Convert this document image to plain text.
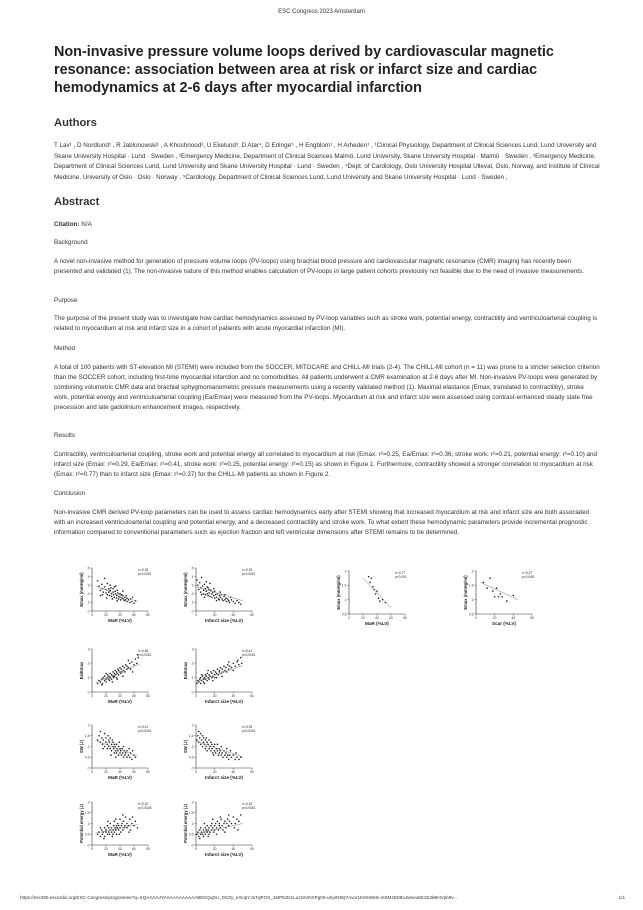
ESC Congress 2023 Amsterdam
Non-invasive pressure volume loops derived by cardiovascular magnetic resonance: association between area at risk or infarct size and cardiac hemodynamics at 2-6 days after myocardial infarction
Authors
T Lav¹ , D Nordlund¹ , R Jablonowski¹ , A Khoshnood², U Ekelund³, D Atar⁴, D Erlinge⁵ , H Engblom¹ , H Arheden¹ , ¹Clinical Physiology, Department of Clinical Sciences Lund, Lund University and Skane University Hospital · Lund · Sweden , ²Emergency Medicine, Department of Clinical Sciences Malmö, Lund University, Skane University Hospital · Malmö · Sweden , ³Emergency Medicine, Department of Clinical Sciences Lund, Lund University and Skane University Hospital · Lund · Sweden , ⁴Dept. of Cardiology, Oslo University Hospital Ulleval, Oslo, Norway, and Institute of Clinical Medicine, University of Oslo · Oslo · Norway , ⁵Cardiology, Department of Clinical Sciences Lund, Lund University and Skane University Hospital · Lund · Sweden ,
Abstract
Citation: N/A
Background
A novel non-invasive method for generation of pressure volume loops (PV-loops) using brachial blood pressure and cardiovascular magnetic resonance (CMR) imaging has recently been presented and validated (1). The non-invasive nature of this method enables calculation of PV-loops in large patient cohorts previously not feasible due to the need of invasive measurements.
Purpose
The purpose of the present study was to investigate how cardiac hemodynamics assessed by PV-loop variables such as stroke work, potential energy, contractility and ventriculoarterial coupling is related to myocardium at risk and infarct size in a cohort of patients with acute myocardial infarction (MI).
Method
A total of 100 patients with ST-elevation MI (STEMI) were included from the SOCCER, MITOCARE and CHILL-MI trials (2-4). The CHILL-MI cohort (n = 11) was prone to a stricter selection criterion than the SOCCER cohort, including first-time myocardial infarction and no comorbidities. All patients underwent a CMR examination at 2-6 days after MI. Non-invasive PV-loops were generated by combining volumetric CMR data and brachial sphygmomanometric pressure measurements using a recently validated method (1). Maximal elastance (Emax, translated to contractility), stroke work, potential energy and ventriculoarterial coupling (Ea/Emax) were measured from the PV-loops. Myocardium at risk and infarct size were assessed using contrast-enhanced steady state free precession and late gadolinium enhancement images, respectively.
Results
Contractility, ventriculoarterial coupling, stroke work and potential energy all correlated to myocardium at risk (Emax: r²=0.25, Ea/Emax: r²=0.36, stroke work: r²=0.21, potential energy: r²=0.10) and infarct size (Emax: r²=0.29, Ea/Emax: r²=0.41, stroke work: r²=0.25, potential energy: r²=0.15) as shown in Figure 1. Furthermore, contractility showed a stronger correlation to myocardium at risk (Emax: r²=0.77) than to infarct size (Emax: r²=0.37) for the CHILL-MI patients as shown in Figure 2.
Conclusion
Non-invasive CMR derived PV-loop parameters can be used to assess cardiac hemodynamics early after STEMI showing that increased myocardium at risk and infarct size are both associated with an increased ventriculoarterial coupling and potential energy, and a decreased contractility and stroke work. To what extent these hemodynamic parameters provide incremental prognostic information compared to conventional parameters such as ejection fraction and left ventricular dimensions after STEMI remains to be determined.
0
1
2
3
4
5
0	20	40	60	80
MaR (%LV)
Emax (mmHg/ml)
r²=0.25
p<0.0001
0
1
2
3
4
5
0	20	40	60
Infarct size (%LV)
Emax (mmHg/ml)
r²=0.29
p<0.0001
0
1
2
3
0	20	40	60	80
MaR (%LV)
Ea/Emax
r²=0.36
p<0.0001
0
1
2
3
0	20	40	60
Infarct size (%LV)
Ea/Emax
r²=0.41
p<0.0001
0
0.5
1
1.5
2
0	20	40	60	80
MaR (%LV)
SW (J)
r²=0.21
p<0.0001
0
0.5
1
1.5
2
0	20	40	60
Infarct size (%LV)
SW (J)
r²=0.25
p<0.0001
0
0.5
1
1.5
2
0	20	40	60	80
MaR (%LV)
Potential energy (J)
r²=0.10
p=0.0026
0
0.5
1
1.5
2
0	20	40	60
Infarct size (%LV)
Potential energy (J)
r²=0.15
p<0.0001
0.5
1
1.5
2
0	20	40	60	80
MaR (%LV)
Emax (mmHg/ml)
r²=0.77
p<0.001
0.5
1
1.5
2
0	20	40	60
Scar (%LV)
Emax (mmHg/ml)
r²=0.37
p=0.048
https://esc365.escardio.org/ESC-Congress/programme?q=XQAAAAJYAAAAAAAAAAABEKQqGU_0GZy_eXUpYJoTqPOS_1MPDZz1LuzzsVNXPg00-uKjnN9Q7Avor1K9SWe5i-nISM26D8nJwneu8K1E3kBHVpb9v...	1/1
